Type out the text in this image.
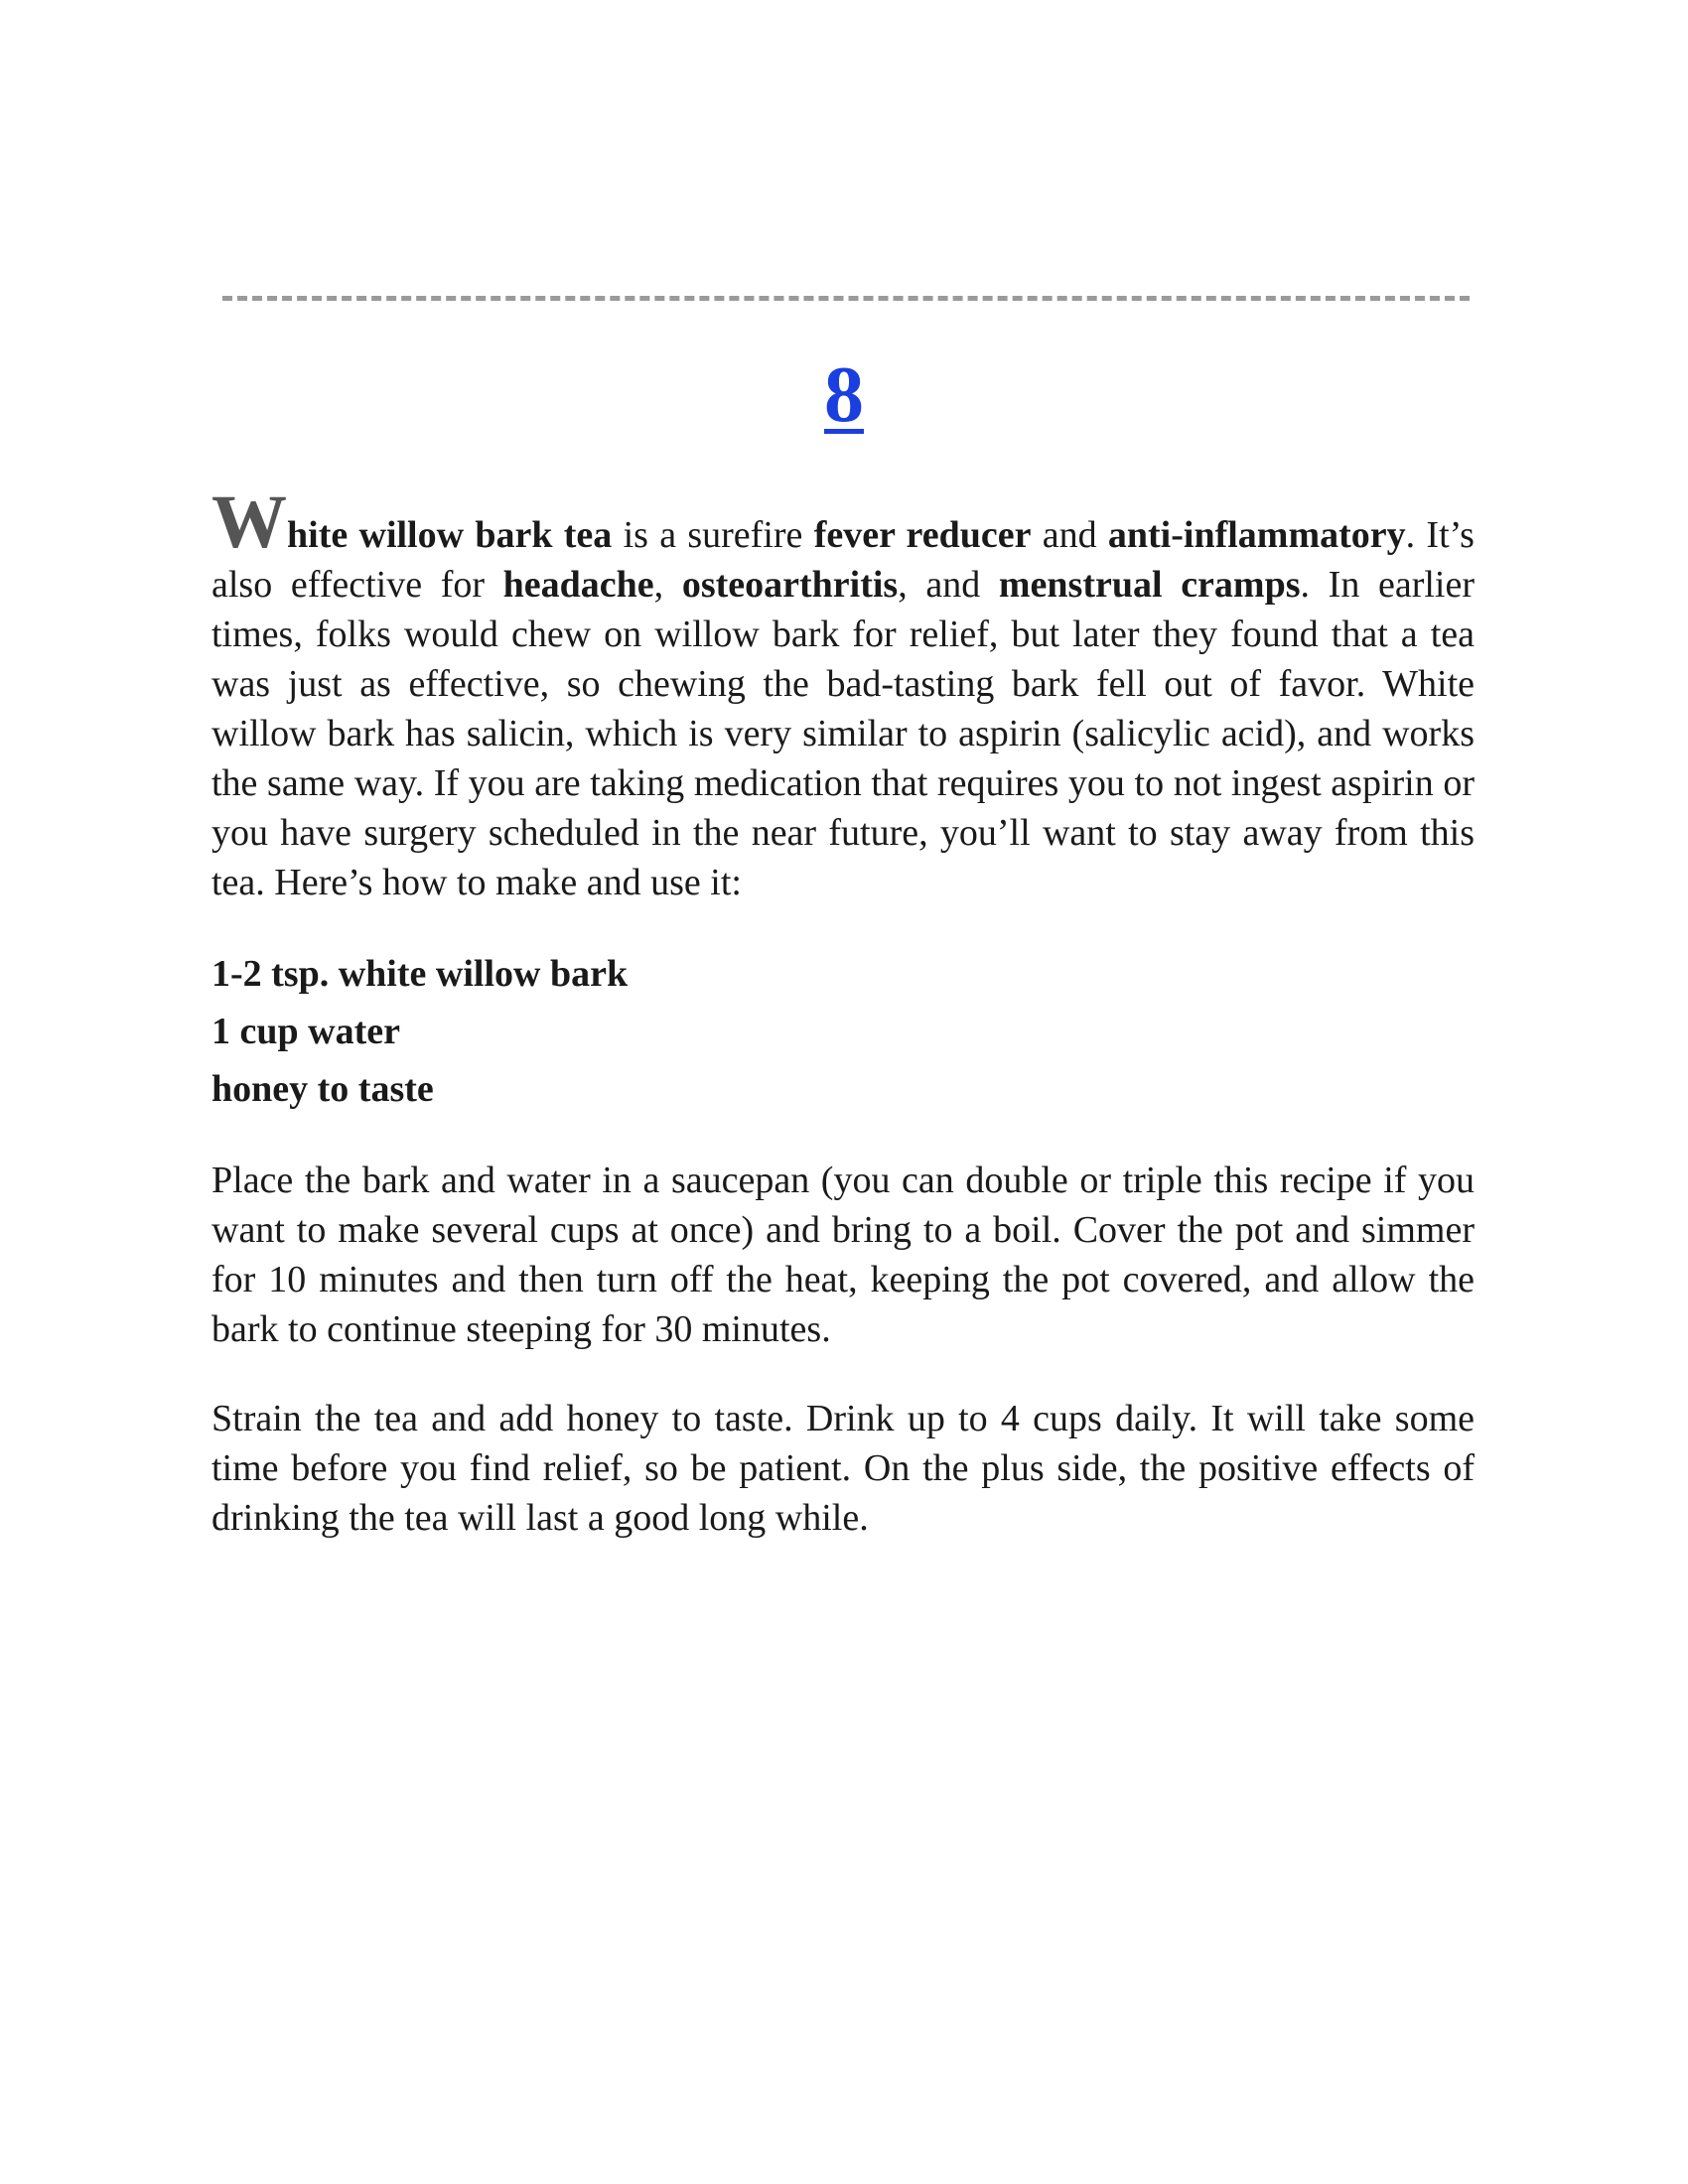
8

White willow bark tea is a surefire fever reducer and anti-inflammatory. It’s also effective for headache, osteoarthritis, and menstrual cramps. In earlier times, folks would chew on willow bark for relief, but later they found that a tea was just as effective, so chewing the bad-tasting bark fell out of favor. White willow bark has salicin, which is very similar to aspirin (salicylic acid), and works the same way. If you are taking medication that requires you to not ingest aspirin or you have surgery scheduled in the near future, you’ll want to stay away from this tea. Here’s how to make and use it:

1-2 tsp. white willow bark
1 cup water
honey to taste

Place the bark and water in a saucepan (you can double or triple this recipe if you want to make several cups at once) and bring to a boil. Cover the pot and simmer for 10 minutes and then turn off the heat, keeping the pot covered, and allow the bark to continue steeping for 30 minutes.

Strain the tea and add honey to taste. Drink up to 4 cups daily. It will take some time before you find relief, so be patient. On the plus side, the positive effects of drinking the tea will last a good long while.
